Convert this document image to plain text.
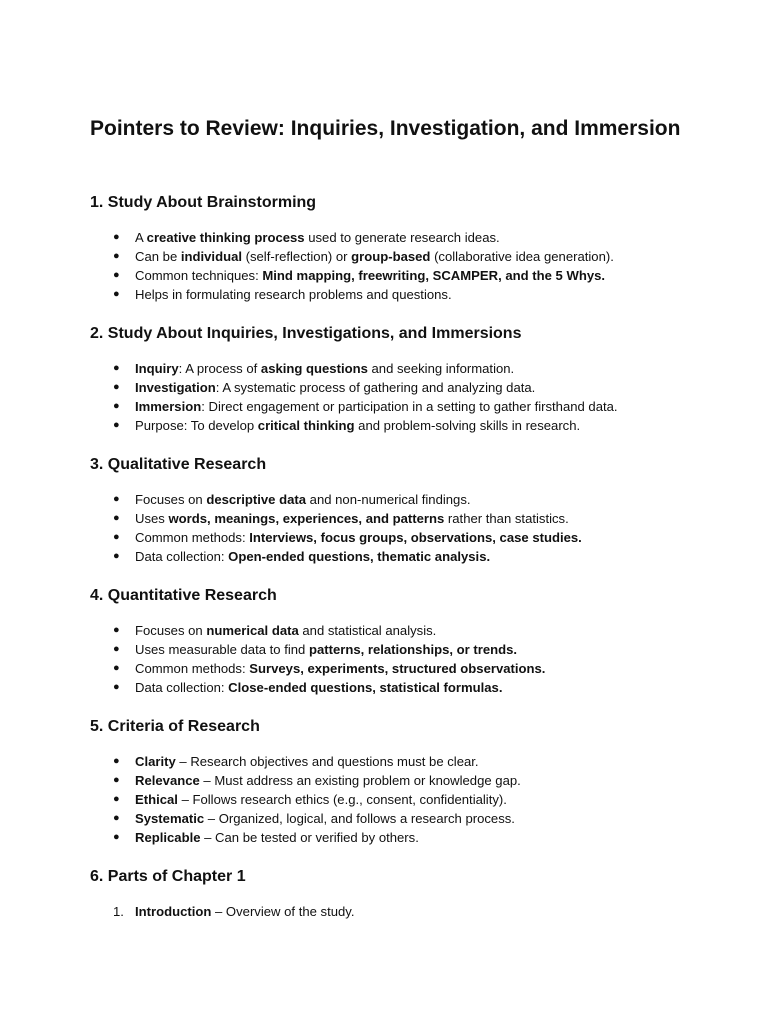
Pointers to Review: Inquiries, Investigation, and Immersion
1. Study About Brainstorming
● A creative thinking process used to generate research ideas.
● Can be individual (self-reflection) or group-based (collaborative idea generation).
● Common techniques: Mind mapping, freewriting, SCAMPER, and the 5 Whys.
● Helps in formulating research problems and questions.
2. Study About Inquiries, Investigations, and Immersions
● Inquiry: A process of asking questions and seeking information.
● Investigation: A systematic process of gathering and analyzing data.
● Immersion: Direct engagement or participation in a setting to gather firsthand data.
● Purpose: To develop critical thinking and problem-solving skills in research.
3. Qualitative Research
● Focuses on descriptive data and non-numerical findings.
● Uses words, meanings, experiences, and patterns rather than statistics.
● Common methods: Interviews, focus groups, observations, case studies.
● Data collection: Open-ended questions, thematic analysis.
4. Quantitative Research
● Focuses on numerical data and statistical analysis.
● Uses measurable data to find patterns, relationships, or trends.
● Common methods: Surveys, experiments, structured observations.
● Data collection: Close-ended questions, statistical formulas.
5. Criteria of Research
● Clarity – Research objectives and questions must be clear.
● Relevance – Must address an existing problem or knowledge gap.
● Ethical – Follows research ethics (e.g., consent, confidentiality).
● Systematic – Organized, logical, and follows a research process.
● Replicable – Can be tested or verified by others.
6. Parts of Chapter 1
1. Introduction – Overview of the study.
